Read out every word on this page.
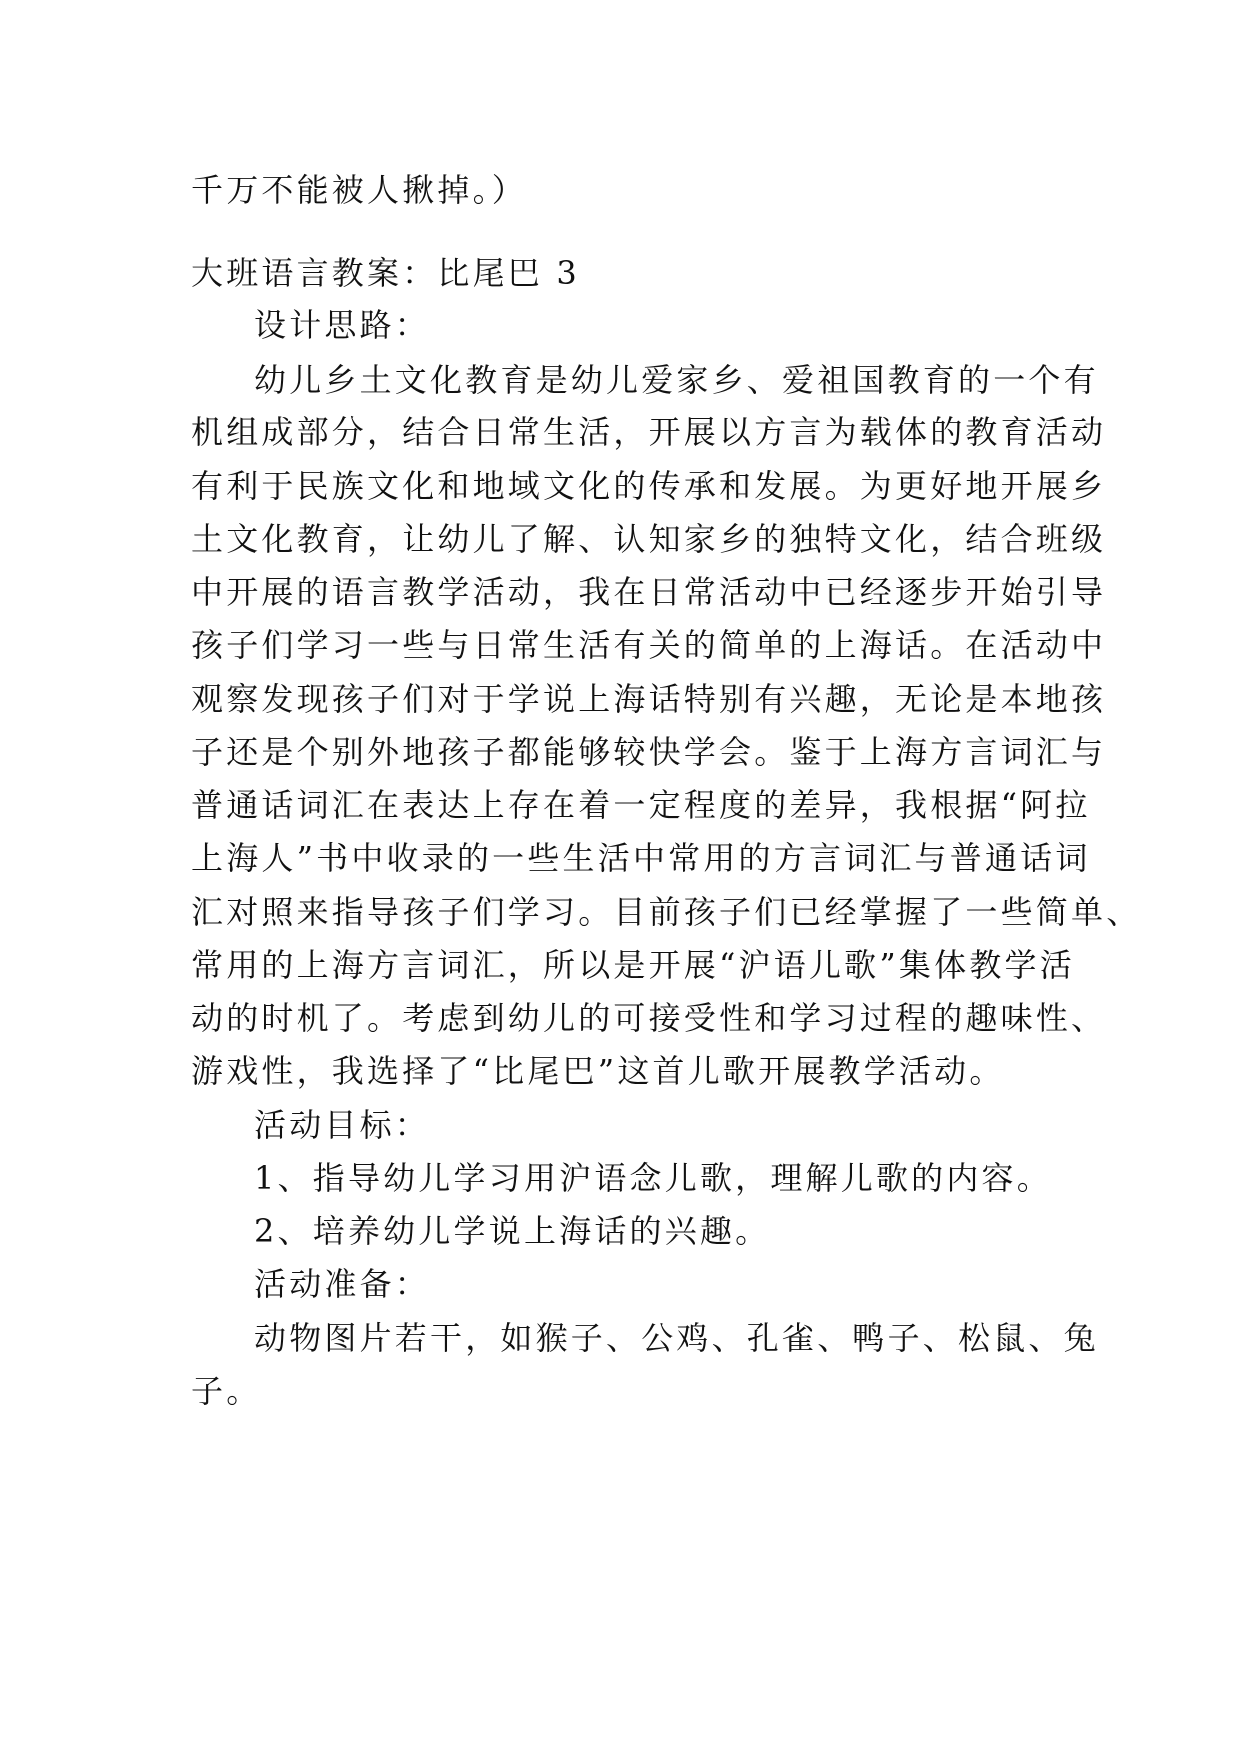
千万不能被人揪掉。）
大班语言教案：比尾巴 3
设计思路：
幼儿乡土文化教育是幼儿爱家乡、爱祖国教育的一个有
机组成部分，结合日常生活，开展以方言为载体的教育活动
有利于民族文化和地域文化的传承和发展。为更好地开展乡
土文化教育，让幼儿了解、认知家乡的独特文化，结合班级
中开展的语言教学活动，我在日常活动中已经逐步开始引导
孩子们学习一些与日常生活有关的简单的上海话。在活动中
观察发现孩子们对于学说上海话特别有兴趣，无论是本地孩
子还是个别外地孩子都能够较快学会。鉴于上海方言词汇与
普通话词汇在表达上存在着一定程度的差异，我根据“阿拉
上海人”书中收录的一些生活中常用的方言词汇与普通话词
汇对照来指导孩子们学习。目前孩子们已经掌握了一些简单、
常用的上海方言词汇，所以是开展“沪语儿歌”集体教学活
动的时机了。考虑到幼儿的可接受性和学习过程的趣味性、
游戏性，我选择了“比尾巴”这首儿歌开展教学活动。
活动目标：
1、指导幼儿学习用沪语念儿歌，理解儿歌的内容。
2、培养幼儿学说上海话的兴趣。
活动准备：
动物图片若干，如猴子、公鸡、孔雀、鸭子、松鼠、兔
子。
